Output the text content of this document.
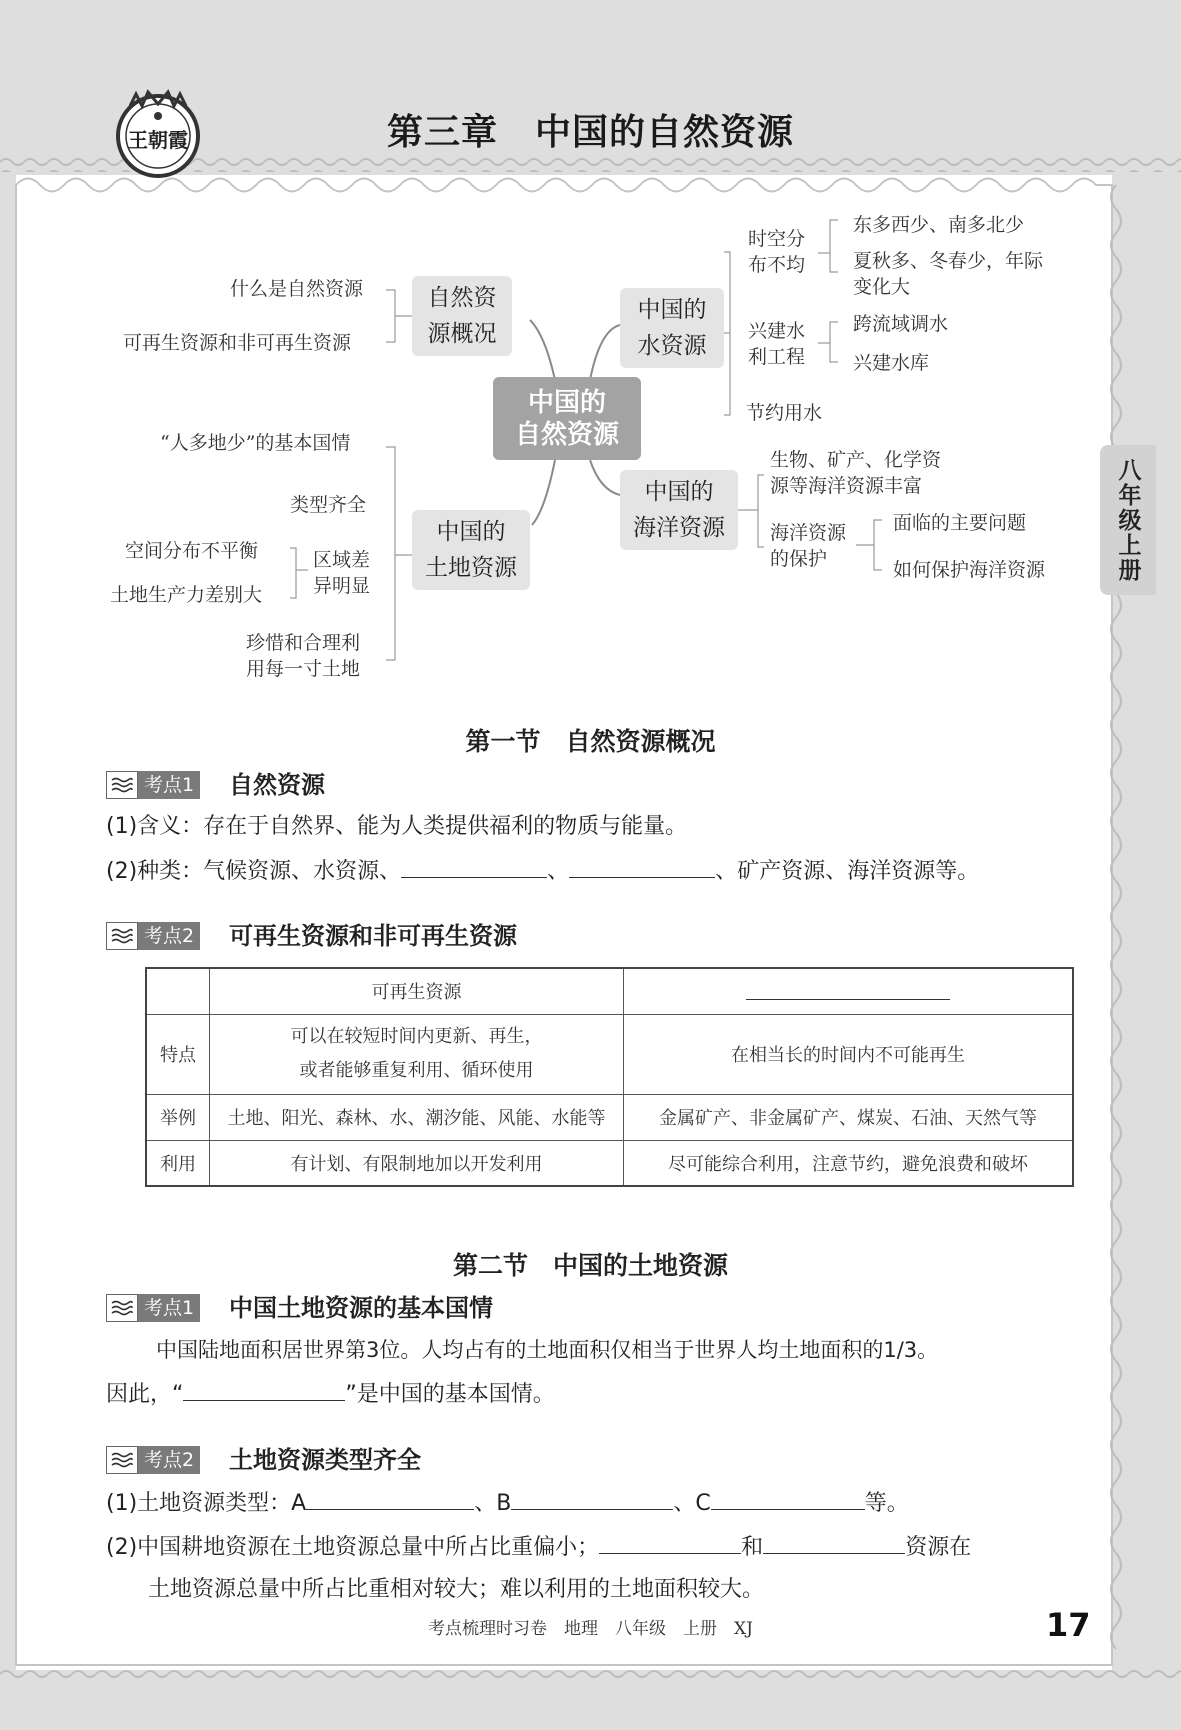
王朝霞	第三章　中国的自然资源
八年级上册
中国的
自然资源
自然资
源概况
中国的
水资源
中国的
土地资源
中国的
海洋资源
什么是自然资源
可再生资源和非可再生资源
时空分
布不均
东多西少、南多北少
夏秋多、冬春少，年际
变化大
兴建水
利工程
跨流域调水
兴建水库
节约用水
“人多地少”的基本国情
类型齐全
区域差
异明显
空间分布不平衡
土地生产力差别大
珍惜和合理利
用每一寸土地
生物、矿产、化学资
源等海洋资源丰富
海洋资源
的保护
面临的主要问题
如何保护海洋资源
第一节　自然资源概况
考点1 自然资源
(1)含义：存在于自然界、能为人类提供福利的物质与能量。
(2)种类：气候资源、水资源、	、	、矿产资源、海洋资源等。
考点2 可再生资源和非可再生资源
	可再生资源	
特点	可以在较短时间内更新、再生，
或者能够重复利用、循环使用	在相当长的时间内不可能再生
举例	土地、阳光、森林、水、潮汐能、风能、水能等	金属矿产、非金属矿产、煤炭、石油、天然气等
利用	有计划、有限制地加以开发利用	尽可能综合利用，注意节约，避免浪费和破坏
第二节　中国的土地资源
考点1 中国土地资源的基本国情
中国陆地面积居世界第3位。人均占有的土地面积仅相当于世界人均土地面积的1/3。
因此，“	”是中国的基本国情。
考点2 土地资源类型齐全
(1)土地资源类型：A	、B	、C	等。
(2)中国耕地资源在土地资源总量中所占比重偏小；	和	资源在
土地资源总量中所占比重相对较大；难以利用的土地面积较大。
考点梳理时习卷　地理　八年级　上册　XJ	17
